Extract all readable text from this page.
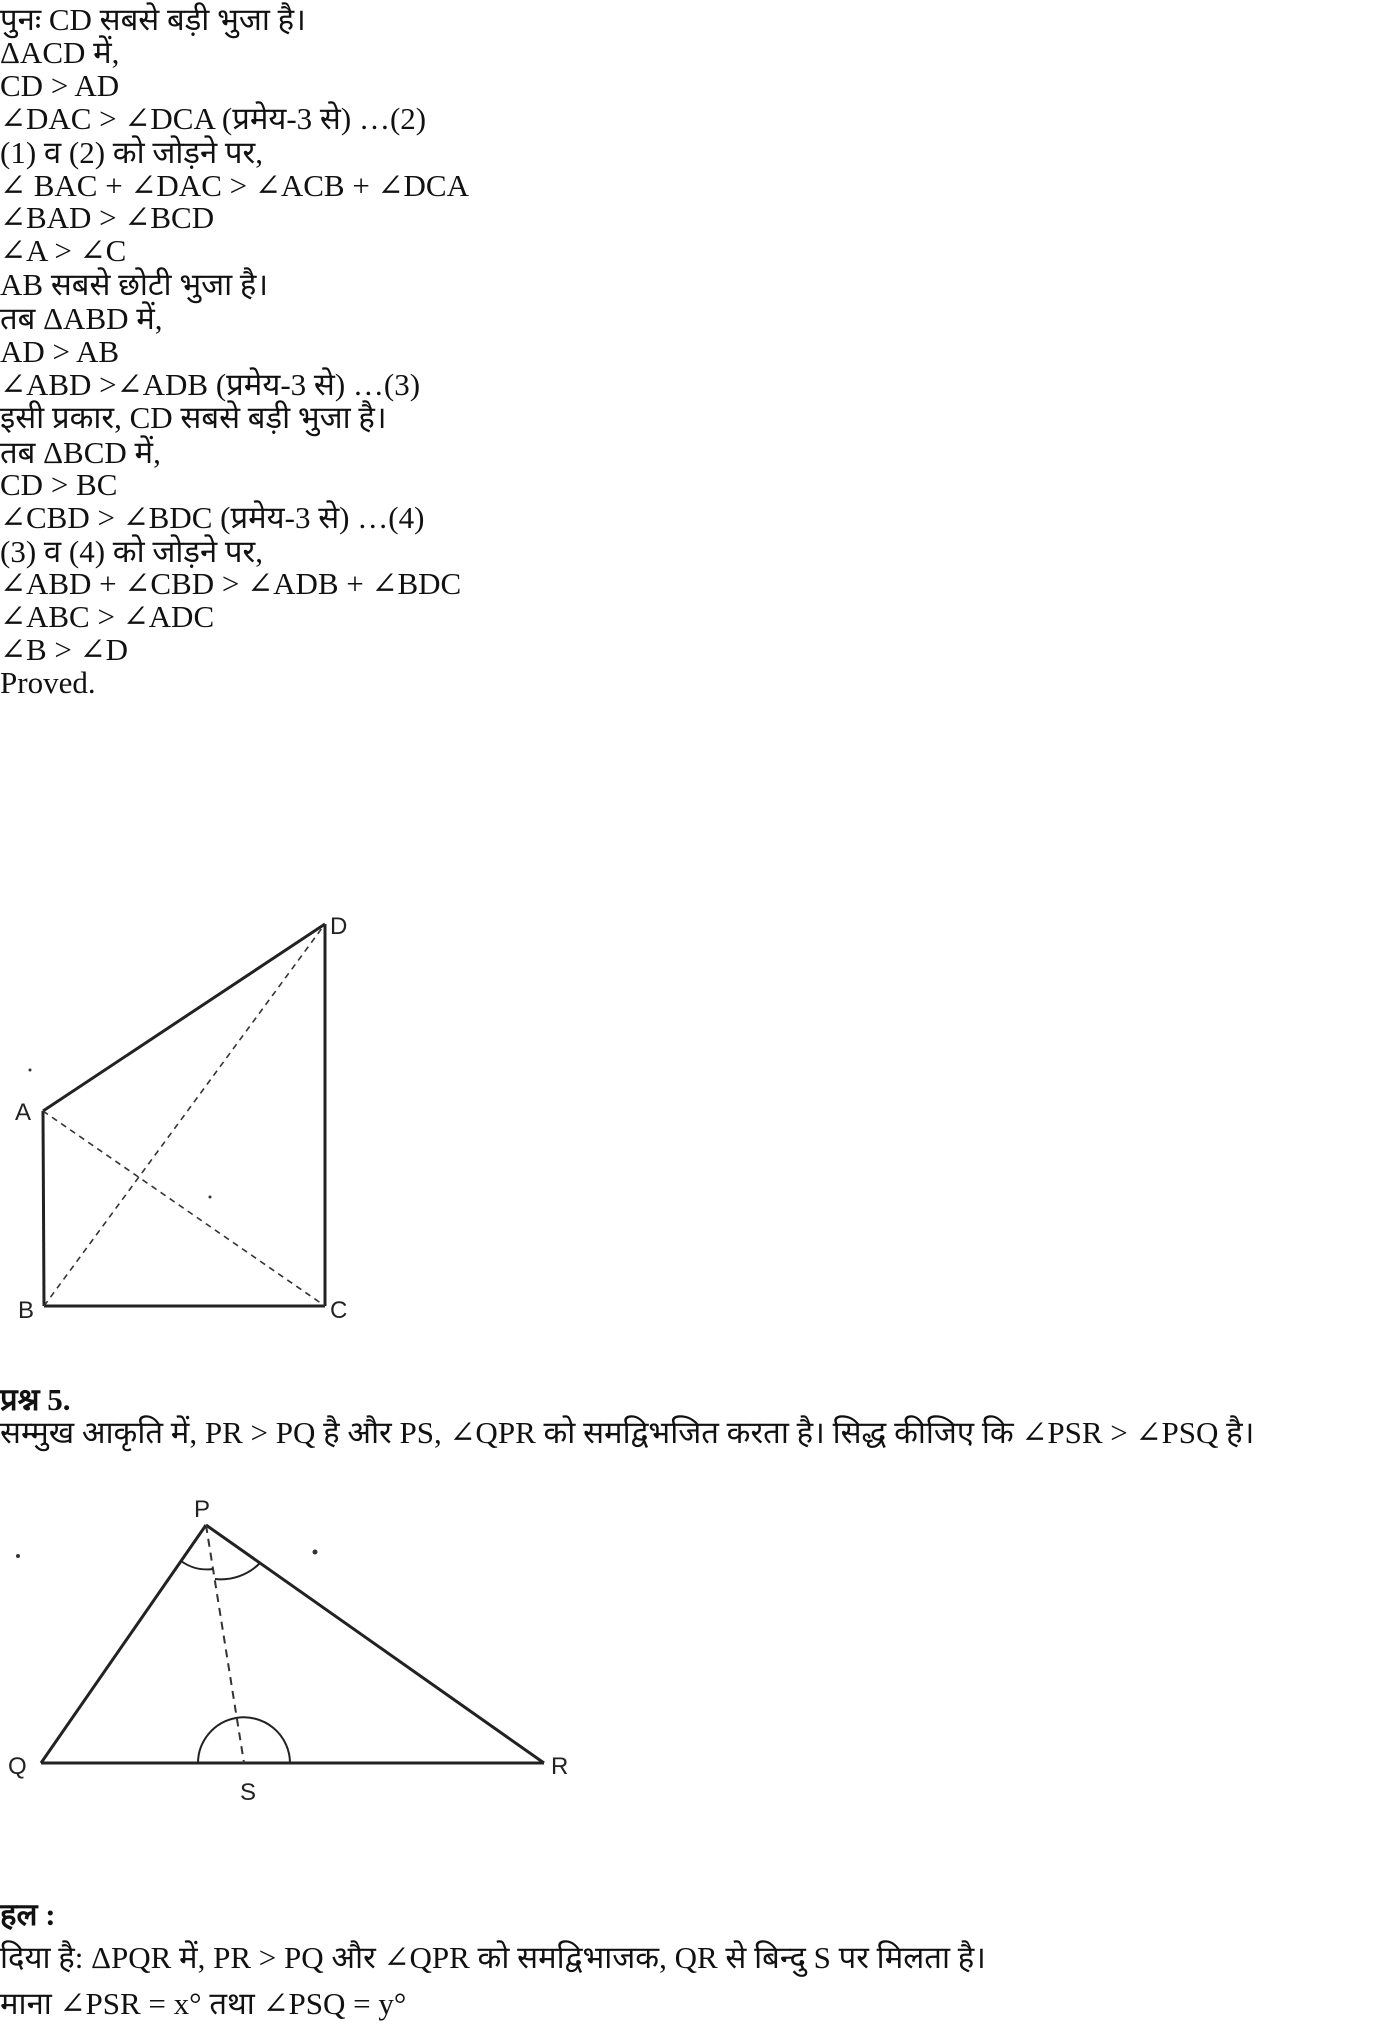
पुनः CD सबसे बड़ी भुजा है।
ΔACD में,
CD > AD
∠DAC > ∠DCA (प्रमेय-3 से) …(2)
(1) व (2) को जोड़ने पर,
∠ BAC + ∠DAC > ∠ACB + ∠DCA
∠BAD > ∠BCD
∠A > ∠C
AB सबसे छोटी भुजा है।
तब ΔABD में,
AD > AB
∠ABD >∠ADB (प्रमेय-3 से) …(3)
इसी प्रकार, CD सबसे बड़ी भुजा है।
तब ΔBCD में,
CD > BC
∠CBD > ∠BDC (प्रमेय-3 से) …(4)
(3) व (4) को जोड़ने पर,
∠ABD + ∠CBD > ∠ADB + ∠BDC
∠ABC > ∠ADC
∠B > ∠D
Proved.
A
B	C
D
प्रश्न 5.
सम्मुख आकृति में, PR > PQ है और PS, ∠QPR को समद्विभजित करता है। सिद्ध कीजिए कि ∠PSR > ∠PSQ है।
P
Q	R
S
हल :
दिया है: ΔPQR में, PR > PQ और ∠QPR को समद्विभाजक, QR से बिन्दु S पर मिलता है।
माना ∠PSR = x° तथा ∠PSQ = y°
